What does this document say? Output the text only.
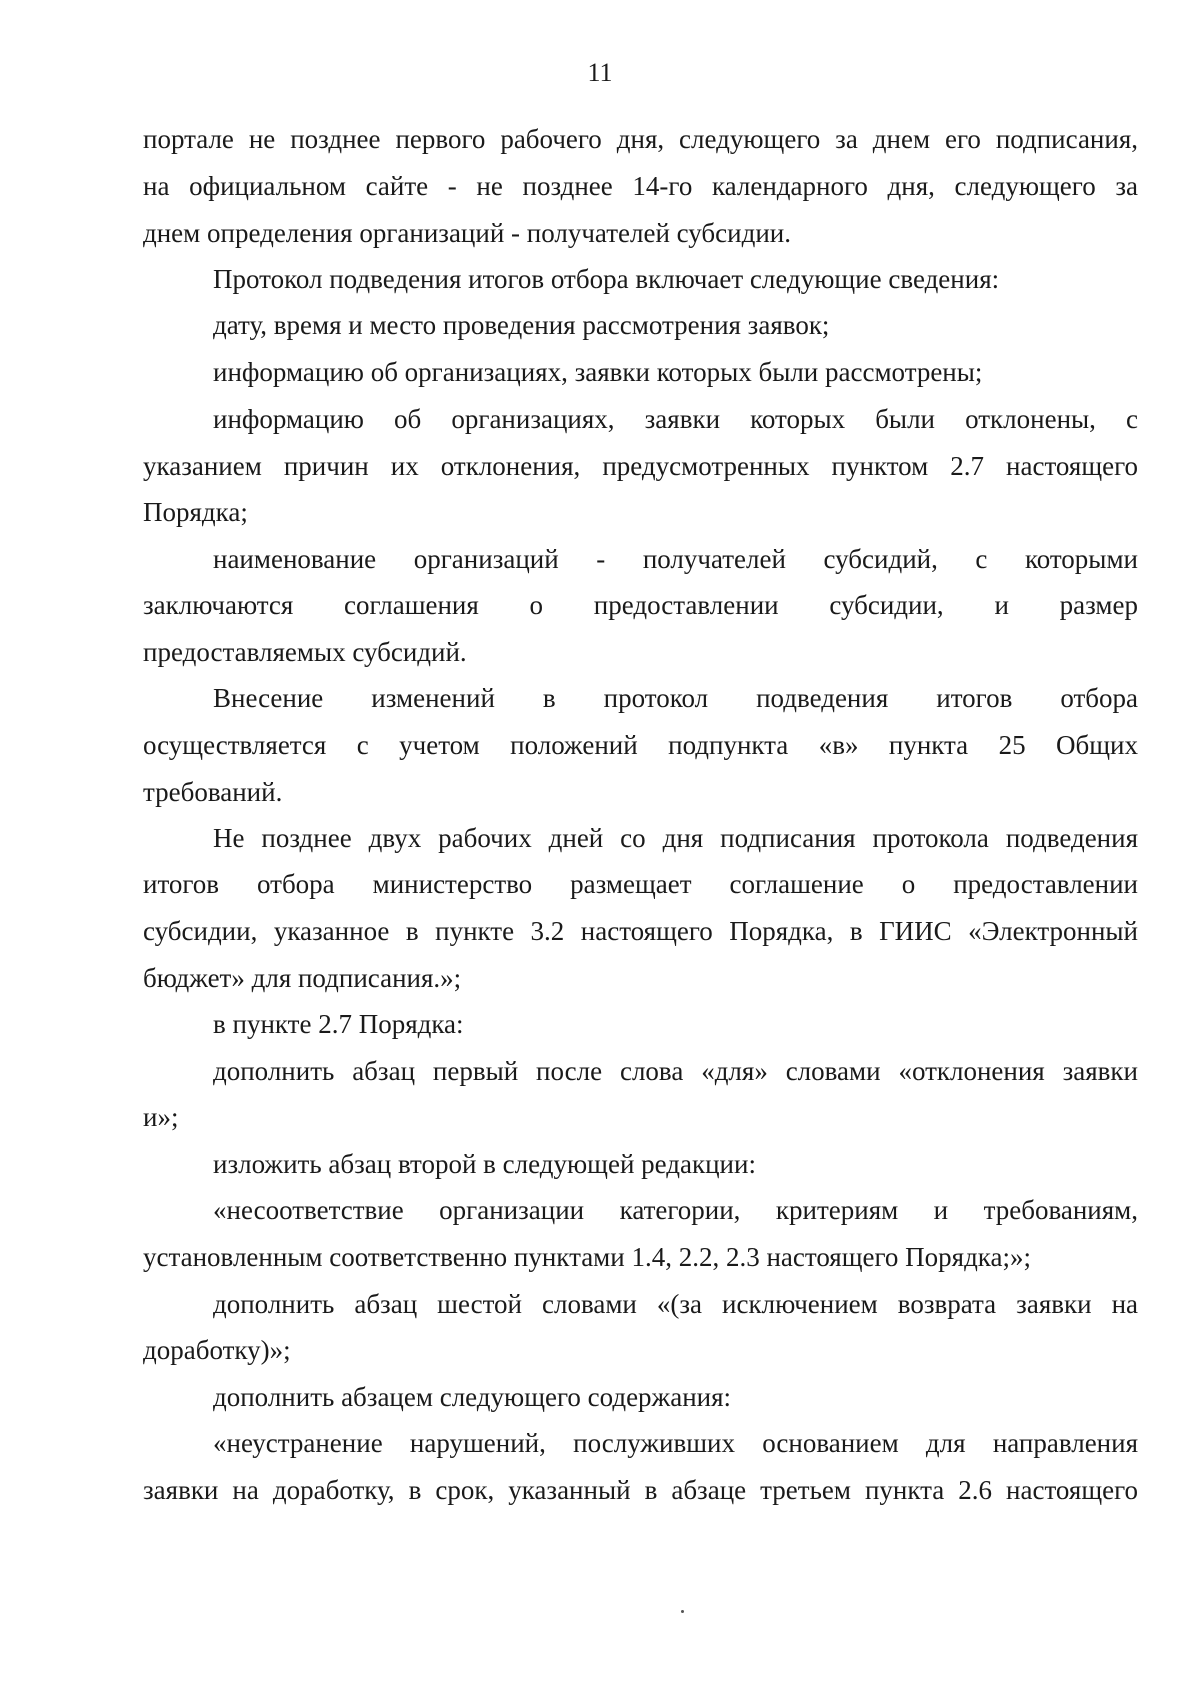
11
портале не позднее первого рабочего дня, следующего за днем его подписания,
на официальном сайте - не позднее 14-го календарного дня, следующего за
днем определения организаций - получателей субсидии.
Протокол подведения итогов отбора включает следующие сведения:
дату, время и место проведения рассмотрения заявок;
информацию об организациях, заявки которых были рассмотрены;
информацию об организациях, заявки которых были отклонены, с
указанием причин их отклонения, предусмотренных пунктом 2.7 настоящего
Порядка;
наименование организаций - получателей субсидий, с которыми
заключаются соглашения о предоставлении субсидии, и размер
предоставляемых субсидий.
Внесение изменений в протокол подведения итогов отбора
осуществляется с учетом положений подпункта «в» пункта 25 Общих
требований.
Не позднее двух рабочих дней со дня подписания протокола подведения
итогов отбора министерство размещает соглашение о предоставлении
субсидии, указанное в пункте 3.2 настоящего Порядка, в ГИИС «Электронный
бюджет» для подписания.»;
в пункте 2.7 Порядка:
дополнить абзац первый после слова «для» словами «отклонения заявки
и»;
изложить абзац второй в следующей редакции:
«несоответствие организации категории, критериям и требованиям,
установленным соответственно пунктами 1.4, 2.2, 2.3 настоящего Порядка;»;
дополнить абзац шестой словами «(за исключением возврата заявки на
доработку)»;
дополнить абзацем следующего содержания:
«неустранение нарушений, послуживших основанием для направления
заявки на доработку, в срок, указанный в абзаце третьем пункта 2.6 настоящего
